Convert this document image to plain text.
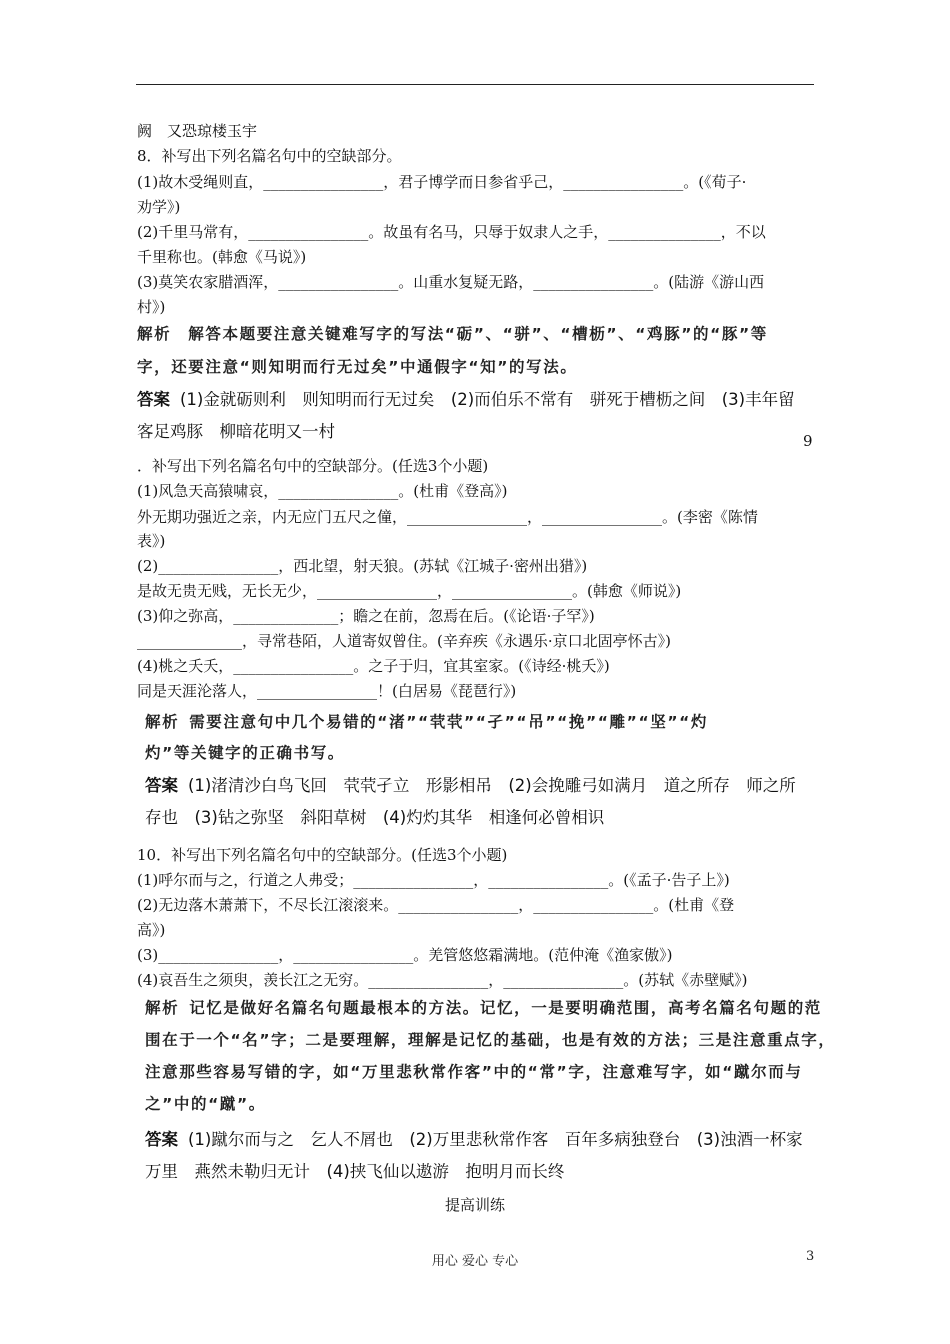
阙　又恐琼楼玉宇
8．补写出下列名篇名句中的空缺部分。
(1)故木受绳则直，________________，君子博学而日参省乎己，________________。(《荀子·
劝学》)
(2)千里马常有，________________。故虽有名马，只辱于奴隶人之手，_______________，不以
千里称也。(韩愈《马说》)
(3)莫笑农家腊酒浑，________________。山重水复疑无路，________________。(陆游《游山西
村》)
解析　解答本题要注意关键难写字的写法“砺”、“骈”、“槽枥”、“鸡豚”的“豚”等
字，还要注意“则知明而行无过矣”中通假字“知”的写法。
答案 (1)金就砺则利　则知明而行无过矣　(2)而伯乐不常有　骈死于槽枥之间　(3)丰年留
客足鸡豚　柳暗花明又一村	9
．补写出下列名篇名句中的空缺部分。(任选3个小题)
(1)风急天高猿啸哀，________________。(杜甫《登高》)
外无期功强近之亲，内无应门五尺之僮，________________，________________。(李密《陈情
表》)
(2)________________，西北望，射天狼。(苏轼《江城子·密州出猎》)
是故无贵无贱，无长无少，________________，________________。(韩愈《师说》)
(3)仰之弥高，______________；瞻之在前，忽焉在后。(《论语·子罕》)
______________，寻常巷陌，人道寄奴曾住。(辛弃疾《永遇乐·京口北固亭怀古》)
(4)桃之夭夭，________________。之子于归，宜其室家。(《诗经·桃夭》)
同是天涯沦落人，________________！(白居易《琵琶行》)
解析 需要注意句中几个易错的“渚”“茕茕”“孑”“吊”“挽”“雕”“坚”“灼
灼”等关键字的正确书写。
答案 (1)渚清沙白鸟飞回　茕茕孑立　形影相吊　(2)会挽雕弓如满月　道之所存　师之所
存也　(3)钻之弥坚　斜阳草树　(4)灼灼其华　相逢何必曾相识
10．补写出下列名篇名句中的空缺部分。(任选3个小题)
(1)呼尔而与之，行道之人弗受；________________，________________。(《孟子·告子上》)
(2)无边落木萧萧下，不尽长江滚滚来。________________，________________。(杜甫《登
高》)
(3)________________，________________。羌管悠悠霜满地。(范仲淹《渔家傲》)
(4)哀吾生之须臾，羡长江之无穷。________________，________________。(苏轼《赤壁赋》)
解析 记忆是做好名篇名句题最根本的方法。记忆，一是要明确范围，高考名篇名句题的范
围在于一个“名”字；二是要理解，理解是记忆的基础，也是有效的方法；三是注意重点字，
注意那些容易写错的字，如“万里悲秋常作客”中的“常”字，注意难写字，如“蹴尔而与
之”中的“蹴”。
答案 (1)蹴尔而与之　乞人不屑也　(2)万里悲秋常作客　百年多病独登台　(3)浊酒一杯家
万里　燕然未勒归无计　(4)挟飞仙以遨游　抱明月而长终
提高训练
用心 爱心 专心	3
